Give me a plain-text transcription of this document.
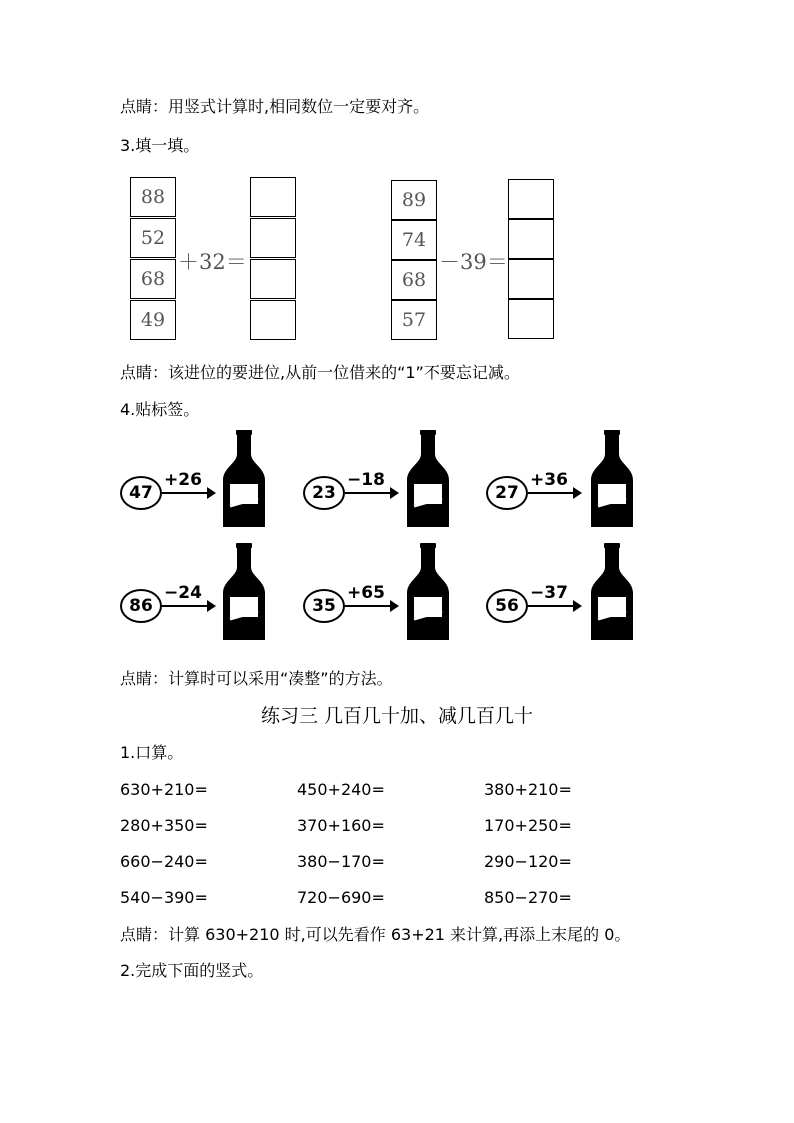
点睛：用竖式计算时,相同数位一定要对齐。
3.填一填。
88
52
68
49
＋32＝
89
74
68
57
－39＝
点睛：该进位的要进位,从前一位借来的“1”不要忘记减。
4.贴标签。
47
+26
23
−18
27
+36
86
−24
35
+65
56
−37
点睛：计算时可以采用“凑整”的方法。
练习三 几百几十加、减几百几十
1.口算。
630+210=	450+240=	380+210=
280+350=	370+160=	170+250=
660−240=	380−170=	290−120=
540−390=	720−690=	850−270=
点睛：计算 630+210 时,可以先看作 63+21 来计算,再添上末尾的 0。
2.完成下面的竖式。
